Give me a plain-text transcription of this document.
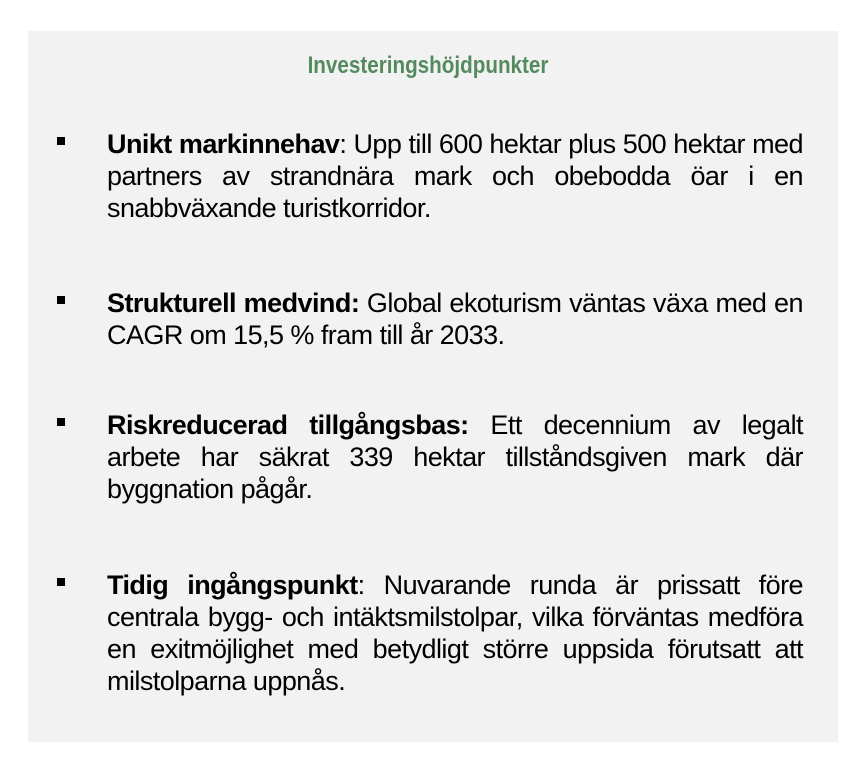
Investeringshöjdpunkter
Unikt markinnehav: Upp till 600 hektar plus 500 hektar med partners av strandnära mark och obebodda öar i en snabbväxande turistkorridor.
Strukturell medvind: Global ekoturism väntas växa med en CAGR om 15,5 % fram till år 2033.
Riskreducerad tillgångsbas: Ett decennium av legalt arbete har säkrat 339 hektar tillståndsgiven mark där byggnation pågår.
Tidig ingångspunkt: Nuvarande runda är prissatt före centrala bygg- och intäktsmilstolpar, vilka förväntas medföra en exitmöjlighet med betydligt större uppsida förutsatt att milstolparna uppnås.
